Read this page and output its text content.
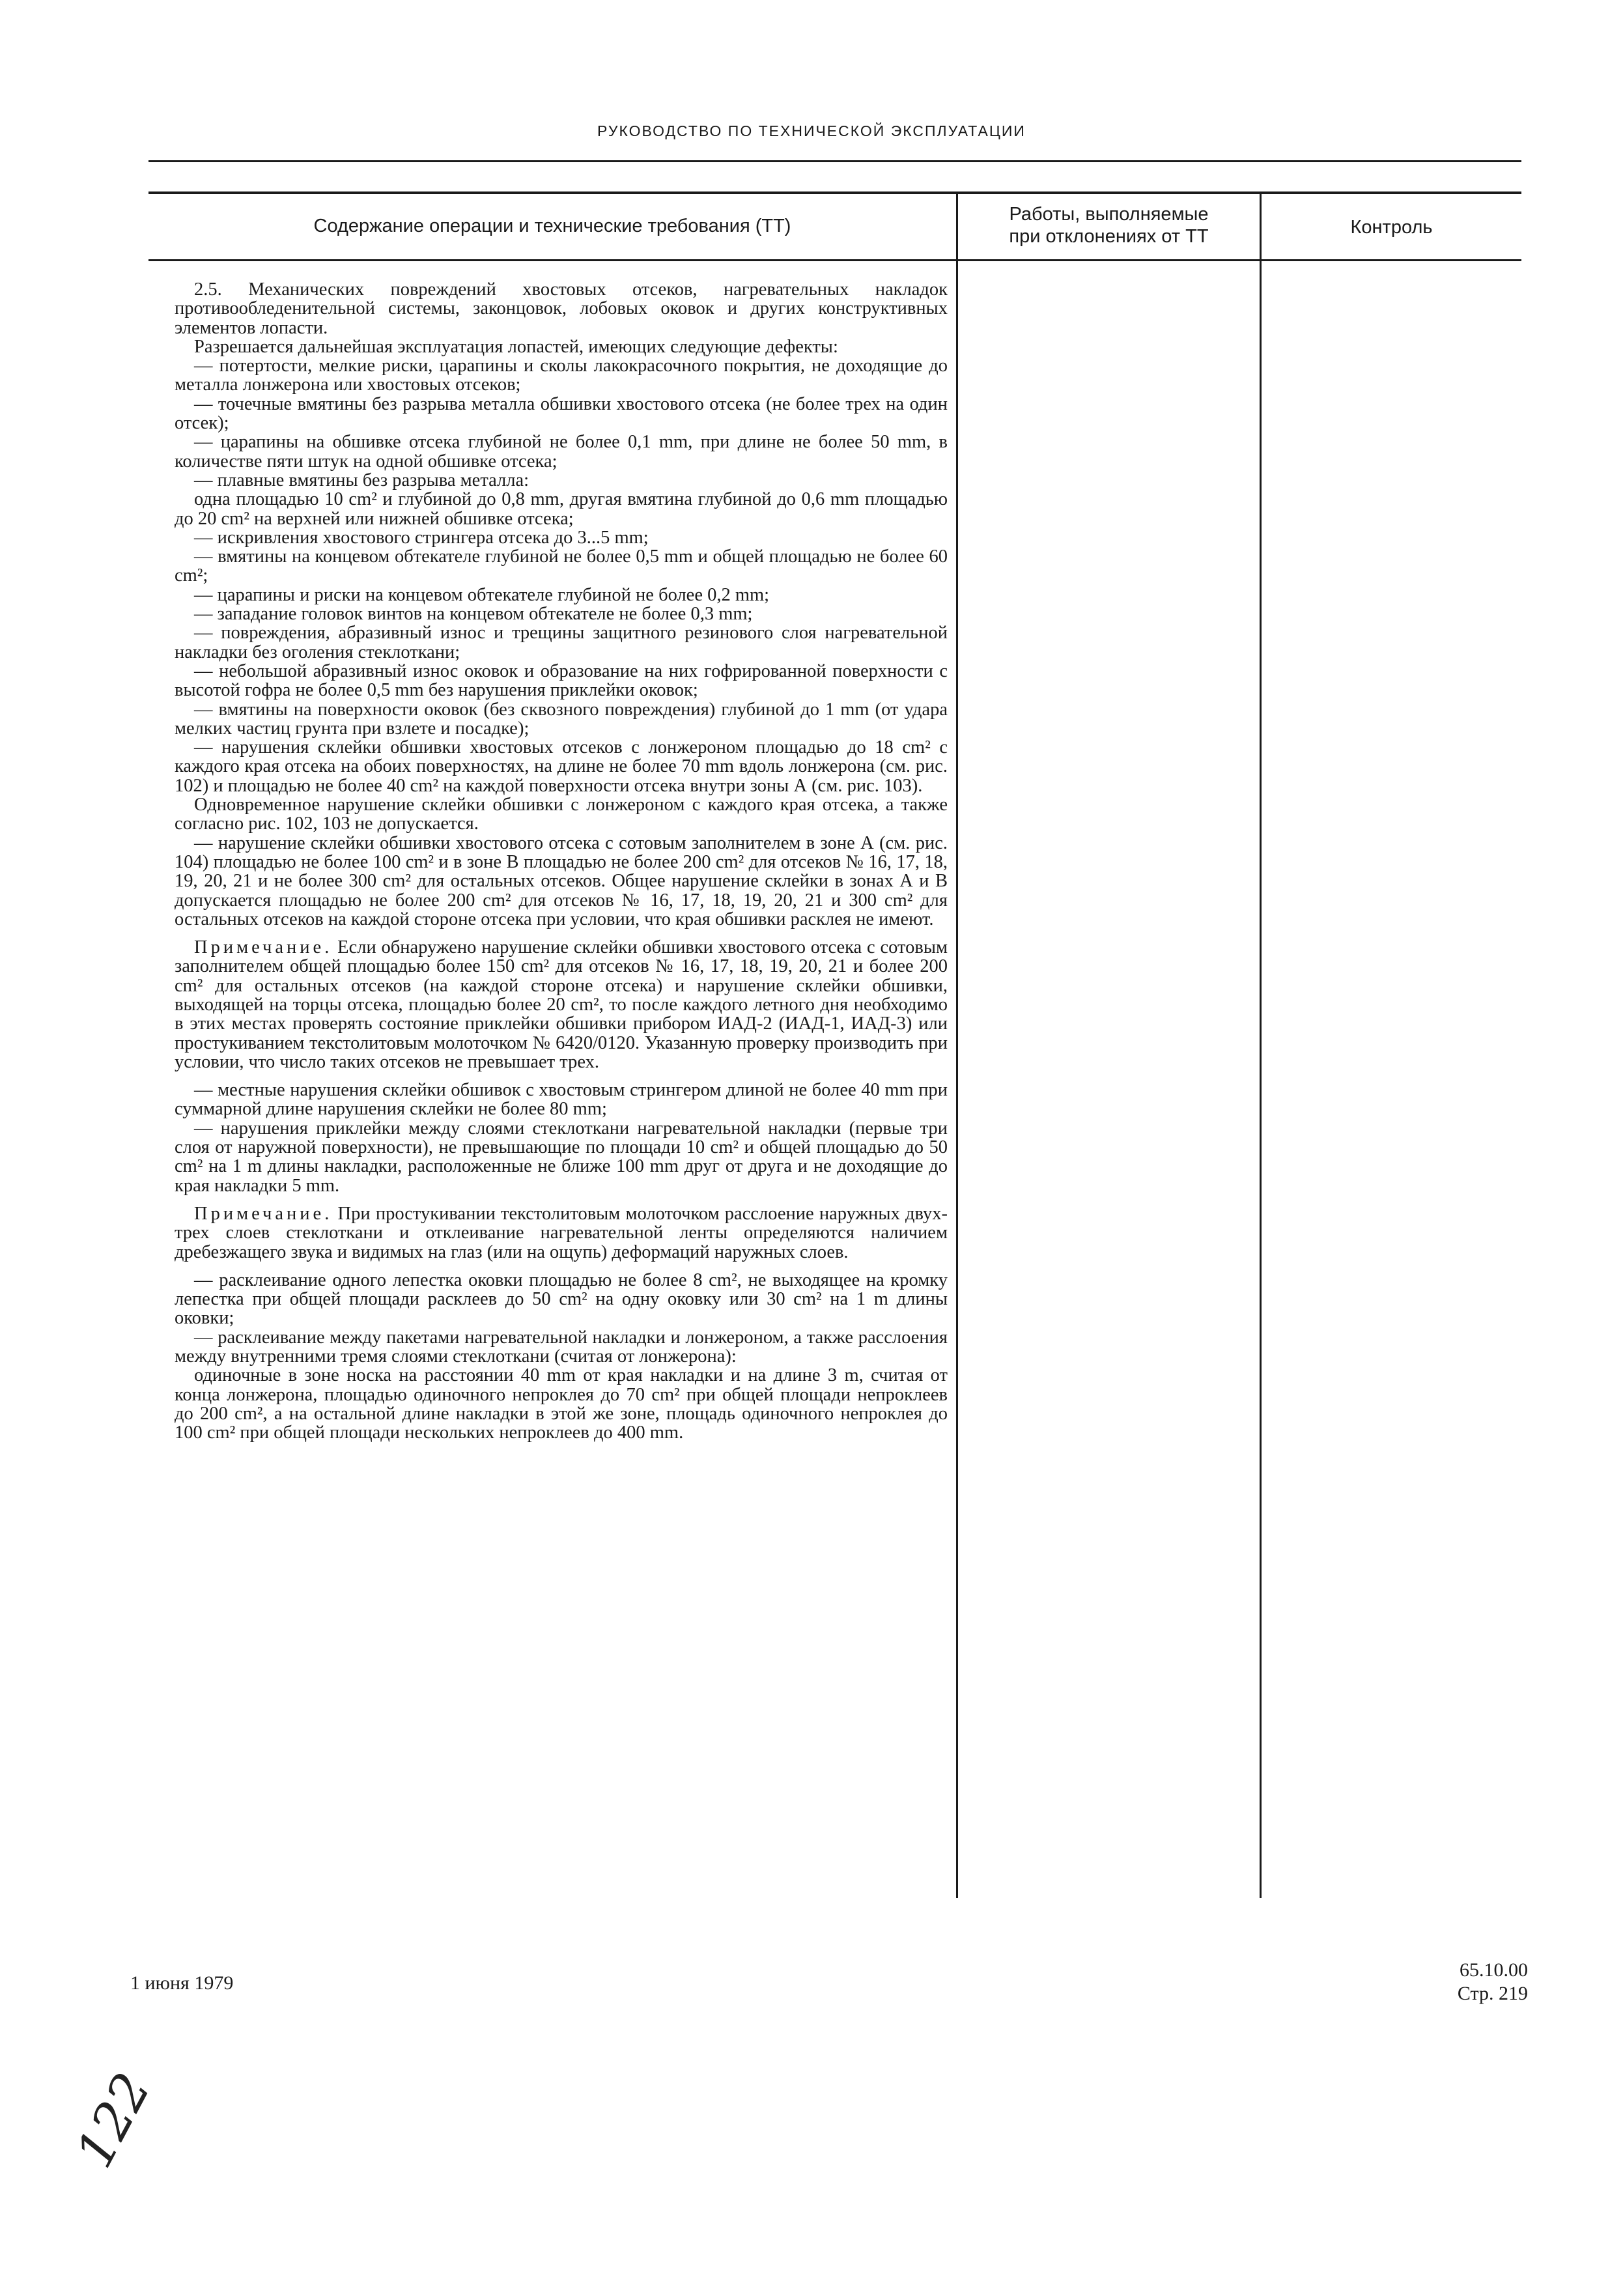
РУКОВОДСТВО ПО ТЕХНИЧЕСКОЙ ЭКСПЛУАТАЦИИ
Содержание операции и технические требования (ТТ)
Работы, выполняемые
при отклонениях от ТТ	Контроль

2.5. Механических повреждений хвостовых отсеков, нагревательных накладок противообледенительной системы, законцовок, лобовых оковок и других конструктивных элементов лопасти.

Разрешается дальнейшая эксплуатация лопастей, имеющих следующие дефекты:

— потертости, мелкие риски, царапины и сколы лакокрасочного покрытия, не доходящие до металла лонжерона или хвостовых отсеков;

— точечные вмятины без разрыва металла обшивки хвостового отсека (не более трех на один отсек);

— царапины на обшивке отсека глубиной не более 0,1 mm, при длине не более 50 mm, в количестве пяти штук на одной обшивке отсека;

— плавные вмятины без разрыва металла:

одна площадью 10 cm² и глубиной до 0,8 mm, другая вмятина глубиной до 0,6 mm площадью до 20 cm² на верхней или нижней обшивке отсека;

— искривления хвостового стрингера отсека до 3...5 mm;

— вмятины на концевом обтекателе глубиной не более 0,5 mm и общей площадью не более 60 cm²;

— царапины и риски на концевом обтекателе глубиной не более 0,2 mm;

— западание головок винтов на концевом обтекателе не более 0,3 mm;

— повреждения, абразивный износ и трещины защитного резинового слоя нагревательной накладки без оголения стеклоткани;

— небольшой абразивный износ оковок и образование на них гофрированной поверхности с высотой гофра не более 0,5 mm без нарушения приклейки оковок;

— вмятины на поверхности оковок (без сквозного повреждения) глубиной до 1 mm (от удара мелких частиц грунта при взлете и посадке);

— нарушения склейки обшивки хвостовых отсеков с лонжероном площадью до 18 cm² с каждого края отсека на обоих поверхностях, на длине не более 70 mm вдоль лонжерона (см. рис. 102) и площадью не более 40 cm² на каждой поверхности отсека внутри зоны А (см. рис. 103).

Одновременное нарушение склейки обшивки с лонжероном с каждого края отсека, а также согласно рис. 102, 103 не допускается.

— нарушение склейки обшивки хвостового отсека с сотовым заполнителем в зоне А (см. рис. 104) площадью не более 100 cm² и в зоне В площадью не более 200 cm² для отсеков № 16, 17, 18, 19, 20, 21 и не более 300 cm² для остальных отсеков. Общее нарушение склейки в зонах А и В допускается площадью не более 200 cm² для отсеков № 16, 17, 18, 19, 20, 21 и 300 cm² для остальных отсеков на каждой стороне отсека при условии, что края обшивки расклея не имеют.

Примечание. Если обнаружено нарушение склейки обшивки хвостового отсека с сотовым заполнителем общей площадью более 150 cm² для отсеков № 16, 17, 18, 19, 20, 21 и более 200 cm² для остальных отсеков (на каждой стороне отсека) и нарушение склейки обшивки, выходящей на торцы отсека, площадью более 20 cm², то после каждого летного дня необходимо в этих местах проверять состояние приклейки обшивки прибором ИАД-2 (ИАД-1, ИАД-3) или простукиванием текстолитовым молоточком № 6420/0120. Указанную проверку производить при условии, что число таких отсеков не превышает трех.

— местные нарушения склейки обшивок с хвостовым стрингером длиной не более 40 mm при суммарной длине нарушения склейки не более 80 mm;

— нарушения приклейки между слоями стеклоткани нагревательной накладки (первые три слоя от наружной поверхности), не превышающие по площади 10 cm² и общей площадью до 50 cm² на 1 m длины накладки, расположенные не ближе 100 mm друг от друга и не доходящие до края накладки 5 mm.

Примечание. При простукивании текстолитовым молоточком расслоение наружных двух-трех слоев стеклоткани и отклеивание нагревательной ленты определяются наличием дребезжащего звука и видимых на глаз (или на ощупь) деформаций наружных слоев.

— расклеивание одного лепестка оковки площадью не более 8 cm², не выходящее на кромку лепестка при общей площади расклеев до 50 cm² на одну оковку или 30 cm² на 1 m длины оковки;

— расклеивание между пакетами нагревательной накладки и лонжероном, а также расслоения между внутренними тремя слоями стеклоткани (считая от лонжерона):

одиночные в зоне носка на расстоянии 40 mm от края накладки и на длине 3 m, считая от конца лонжерона, площадью одиночного непроклея до 70 cm² при общей площади непроклеев до 200 cm², а на остальной длине накладки в этой же зоне, площадь одиночного непроклея до 100 cm² при общей площади нескольких непроклеев до 400 mm.

1 июня 1979
65.10.00
Стр. 219
122
